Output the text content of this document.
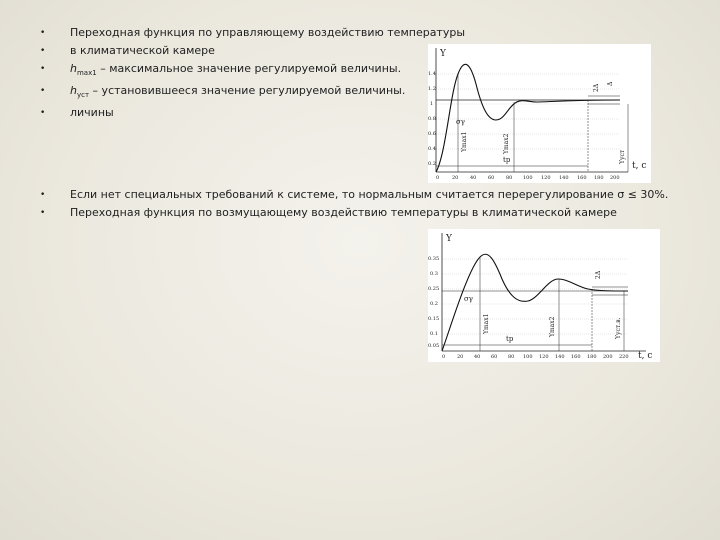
• Переходная функция по управляющему воздействию температуры
• в климатической камере
• $h_{max1}$ – максимальное значение регулируемой величины.
• $h_{уст}$ – установившееся значение регулируемой величины.
• личины
• Если нет специальных требований к системе, то нормальным считается перерегулирование σ ≤ 30%.
• Переходная функция по возмущающему воздействию температуры в климатической камере
Y
t, с
1.4
1.2
1
0.8
0.6
0.4
0.2
0	20 40 60 80 100 120 140 160 180 200
σγ
Ymax1	Ymax2
Yуст
tр
2Δ
Δ
Y
t, с
0.35
0.3
0.25
0.2
0.15
0.1
0.05
0 20 40 60 80 100 120 140 160 180 200 220
σγ
Ymax1	Ymax2	Yуст.в.
tр
2Δ
